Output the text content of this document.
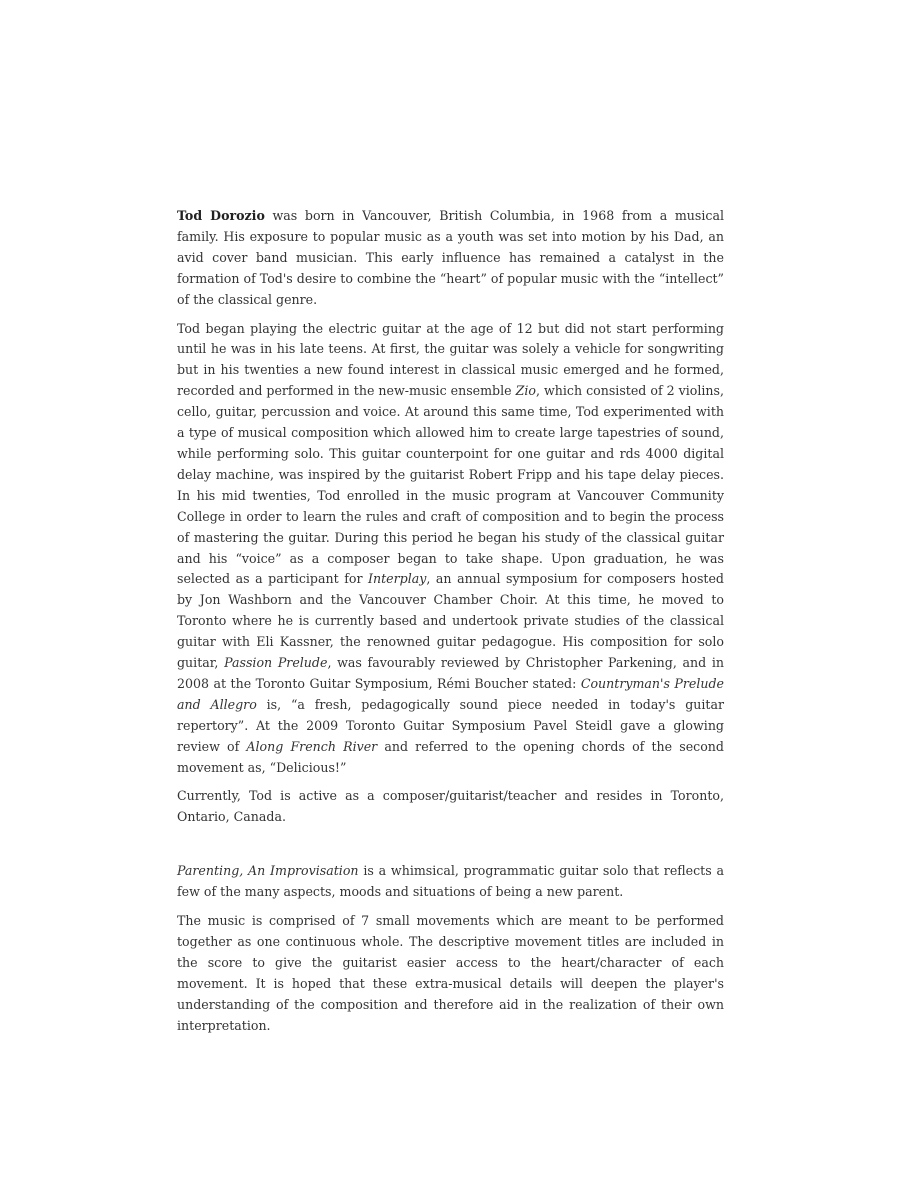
Tod Dorozio was born in Vancouver, British Columbia, in 1968 from a musical family. His exposure to popular music as a youth was set into motion by his Dad, an avid cover band musician. This early influence has remained a catalyst in the formation of Tod's desire to combine the “heart” of popular music with the “intellect” of the classical genre.

Tod began playing the electric guitar at the age of 12 but did not start performing until he was in his late teens. At first, the guitar was solely a vehicle for songwriting but in his twenties a new found interest in classical music emerged and he formed, recorded and performed in the new-music ensemble Zio, which consisted of 2 violins, cello, guitar, percussion and voice. At around this same time, Tod experimented with a type of musical composition which allowed him to create large tapestries of sound, while performing solo. This guitar counterpoint for one guitar and rds 4000 digital delay machine, was inspired by the guitarist Robert Fripp and his tape delay pieces. In his mid twenties, Tod enrolled in the music program at Vancouver Community College in order to learn the rules and craft of composition and to begin the process of mastering the guitar. During this period he began his study of the classical guitar and his “voice” as a composer began to take shape. Upon graduation, he was selected as a participant for Interplay, an annual symposium for composers hosted by Jon Washborn and the Vancouver Chamber Choir. At this time, he moved to Toronto where he is currently based and undertook private studies of the classical guitar with Eli Kassner, the renowned guitar pedagogue. His composition for solo guitar, Passion Prelude, was favourably reviewed by Christopher Parkening, and in 2008 at the Toronto Guitar Symposium, Rémi Boucher stated: Countryman's Prelude and Allegro is, “a fresh, pedagogically sound piece needed in today's guitar repertory”. At the 2009 Toronto Guitar Symposium Pavel Steidl gave a glowing review of Along French River and referred to the opening chords of the second movement as, “Delicious!”

Currently, Tod is active as a composer/guitarist/teacher and resides in Toronto, Ontario, Canada.

Parenting, An Improvisation is a whimsical, programmatic guitar solo that reflects a few of the many aspects, moods and situations of being a new parent.

The music is comprised of 7 small movements which are meant to be performed together as one continuous whole. The descriptive movement titles are included in the score to give the guitarist easier access to the heart/character of each movement. It is hoped that these extra-musical details will deepen the player's understanding of the composition and therefore aid in the realization of their own interpretation.
